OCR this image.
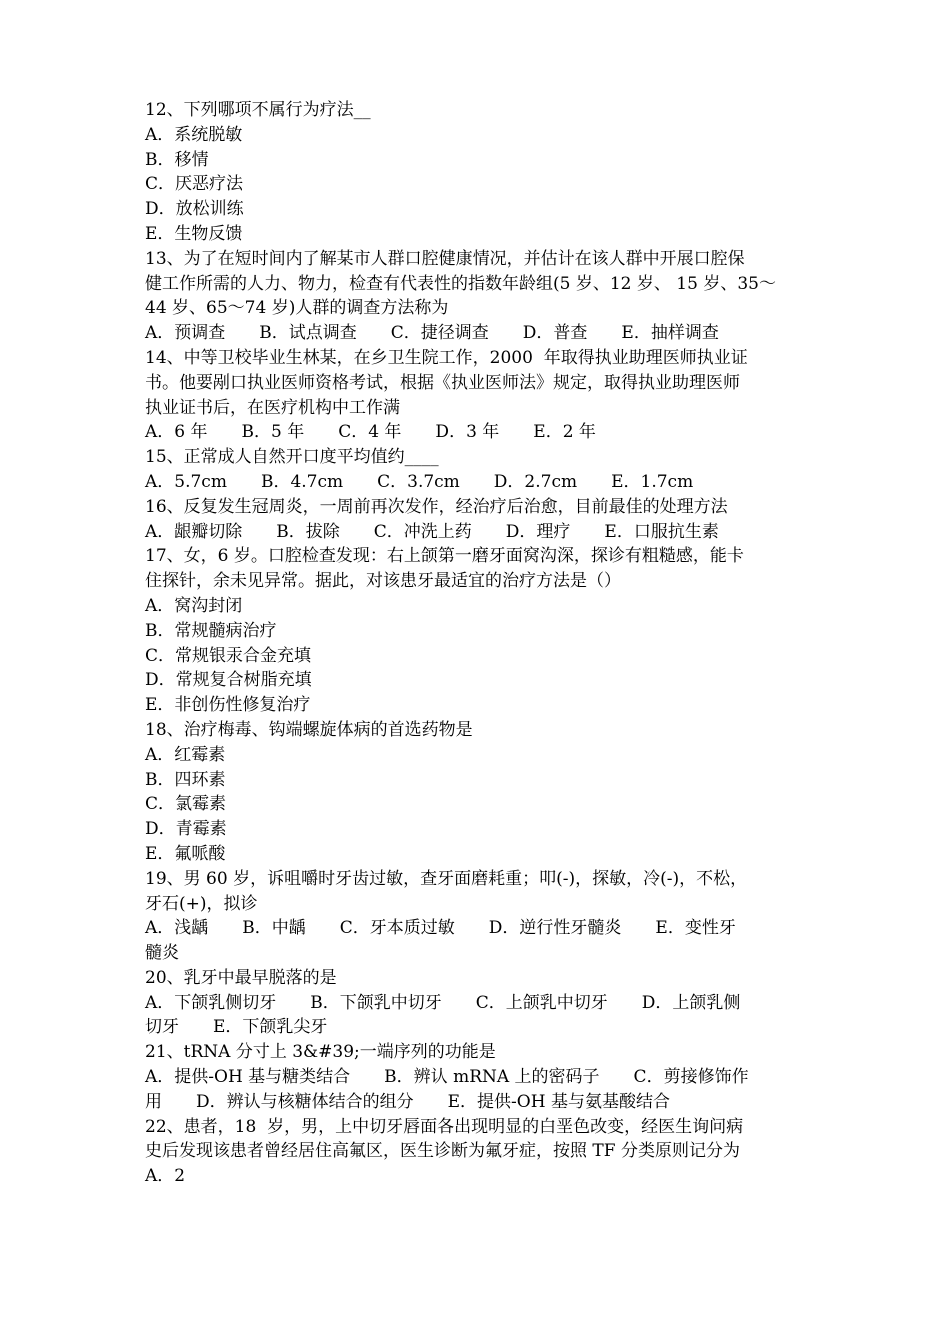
12、下列哪项不属行为疗法__
A．系统脱敏
B．移情
C．厌恶疗法
D．放松训练
E．生物反馈
13、为了在短时间内了解某市人群口腔健康情况，并估计在该人群中开展口腔保
健工作所需的人力、物力，检查有代表性的指数年龄组(5 岁、12 岁、 15 岁、35～
44 岁、65～74 岁)人群的调查方法称为
A．预调查　　B．试点调查　　C．捷径调查　　D．普查　　E．抽样调查
14、中等卫校毕业生林某，在乡卫生院工作，2000  年取得执业助理医师执业证
书。他要剐口执业医师资格考试，根据《执业医师法》规定，取得执业助理医师
执业证书后，在医疗机构中工作满
A．6 年　　B．5 年　　C．4 年　　D．3 年　　E．2 年
15、正常成人自然开口度平均值约____
A．5.7cm　　B．4.7cm　　C．3.7cm　　D．2.7cm　　E．1.7cm
16、反复发生冠周炎，一周前再次发作，经治疗后治愈，目前最佳的处理方法
A．龈瓣切除　　B．拔除　　C．冲洗上药　　D．理疗　　E．口服抗生素
17、女，6 岁。口腔检查发现：右上颌第一磨牙面窝沟深，探诊有粗糙感，能卡
住探针，余未见异常。据此，对该患牙最适宜的治疗方法是（）
A．窝沟封闭
B．常规髓病治疗
C．常规银汞合金充填
D．常规复合树脂充填
E．非创伤性修复治疗
18、治疗梅毒、钩端螺旋体病的首选药物是
A．红霉素
B．四环素
C．氯霉素
D．青霉素
E．氟哌酸
19、男 60 岁，诉咀嚼时牙齿过敏，查牙面磨耗重；叩(-)，探敏，冷(-)，不松，
牙石(+)，拟诊
A．浅龋　　B．中龋　　C．牙本质过敏　　D．逆行性牙髓炎　　E．变性牙
髓炎
20、乳牙中最早脱落的是
A．下颌乳侧切牙　　B．下颌乳中切牙　　C．上颌乳中切牙　　D．上颌乳侧
切牙　　E．下颌乳尖牙
21、tRNA 分寸上 3&#39;一端序列的功能是
A．提供-OH 基与糖类结合　　B．辨认 mRNA 上的密码子　　C．剪接修饰作
用　　D．辨认与核糖体结合的组分　　E．提供-OH 基与氨基酸结合
22、患者，18  岁，男，上中切牙唇面各出现明显的白垩色改变，经医生询问病
史后发现该患者曾经居住高氟区，医生诊断为氟牙症，按照 TF 分类原则记分为
A．2
